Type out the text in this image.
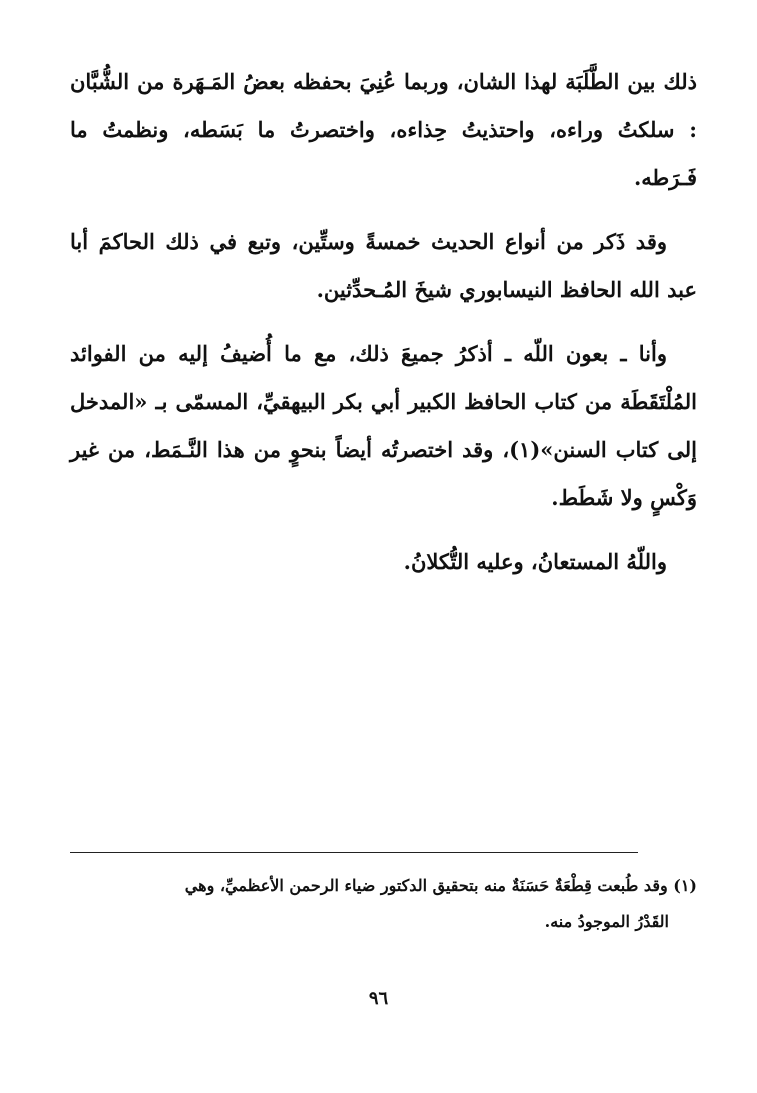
ذلك بين الطَّلَبَة لهذا الشان، وربما عُنِيَ بحفظه بعضُ المَـهَرة من الشُّبَّان : سلكتُ وراءه، واحتذيتُ حِذاءه، واختصرتُ ما بَسَطه، ونظمتُ ما فَـرَطه.

وقد ذَكر من أنواع الحديث خمسةً وستِّين، وتبع في ذلك الحاكمَ أبا عبد الله الحافظ النيسابوري شيخَ المُـحدِّثين.

وأنا ـ بعون اللّه ـ أذكرُ جميعَ ذلك، مع ما أُضيفُ إليه من الفوائد المُلْتَقَطَة من كتاب الحافظ الكبير أبي بكر البيهقيِّ، المسمّى بـ «المدخل إلى كتاب السنن»(١)، وقد اختصرتُه أيضاً بنحوٍ من هذا النَّـمَط، من غير وَكْسٍ ولا شَطَط.

واللّهُ المستعانُ، وعليه التُّكلانُ.

(١) وقد طُبعت قِطْعَةٌ حَسَنَةٌ منه بتحقيق الدكتور ضياء الرحمن الأعظميِّ، وهي

القَدْرُ الموجودُ منه.

٩٦
